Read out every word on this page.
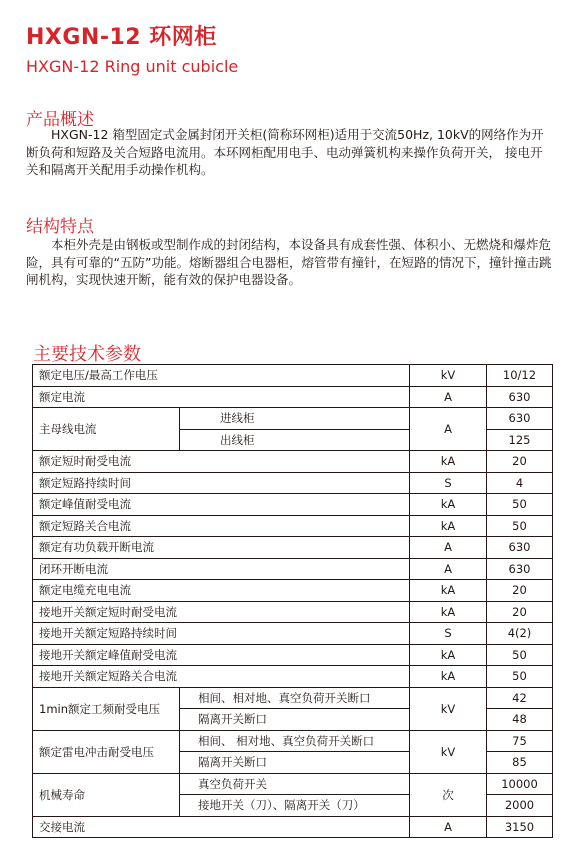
HXGN-12 环网柜
HXGN-12 Ring unit cubicle
产品概述
HXGN-12 箱型固定式金属封闭开关柜(简称环网柜)适用于交流50Hz, 10kV的网络作为开断负荷和短路及关合短路电流用。本环网柜配用电手、电动弹簧机构来操作负荷开关， 接电开关和隔离开关配用手动操作机构。
结构特点
本柜外壳是由钢板或型制作成的封闭结构，本设备具有成套性强、体积小、无燃烧和爆炸危险，具有可靠的“五防”功能。熔断器组合电器柜，熔管带有撞针，在短路的情况下，撞针撞击跳闸机构，实现快速开断，能有效的保护电器设备。
主要技术参数
额定电压/最高工作电压		kV	10/12
额定电流		A	630
主母线电流	进线柜	A	630
	出线柜		125
额定短时耐受电流		kA	20
额定短路持续时间		S	4
额定峰值耐受电流		kA	50
额定短路关合电流		kA	50
额定有功负载开断电流		A	630
闭环开断电流		A	630
额定电缆充电电流		kA	20
接地开关额定短时耐受电流		kA	20
接地开关额定短路持续时间		S	4(2)
接地开关额定峰值耐受电流		kA	50
接地开关额定短路关合电流		kA	50
1min额定工频耐受电压	相间、相对地、真空负荷开关断口	kV	42
	隔离开关断口		48
额定雷电冲击耐受电压	相间、 相对地、真空负荷开关断口	kV	75
	隔离开关断口		85
机械寿命	真空负荷开关	次	10000
	接地开关（刀）、隔离开关（刀）		2000
交接电流		A	3150
